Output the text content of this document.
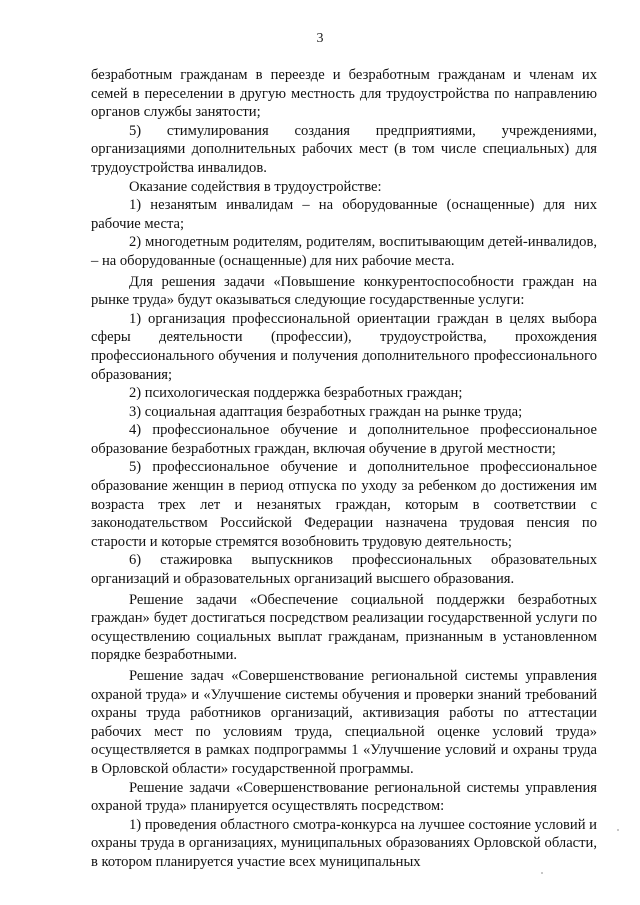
3

безработным гражданам в переезде и безработным гражданам и членам их семей в переселении в другую местность для трудоустройства по направлению органов службы занятости;

5) стимулирования создания предприятиями, учреждениями, организациями дополнительных рабочих мест (в том числе специальных) для трудоустройства инвалидов.

Оказание содействия в трудоустройстве:

1) незанятым инвалидам – на оборудованные (оснащенные) для них рабочие места;

2) многодетным родителям, родителям, воспитывающим детей-инвалидов, – на оборудованные (оснащенные) для них рабочие места.

Для решения задачи «Повышение конкурентоспособности граждан на рынке труда» будут оказываться следующие государственные услуги:

1) организация профессиональной ориентации граждан в целях выбора сферы деятельности (профессии), трудоустройства, прохождения профессионального обучения и получения дополнительного профессионального образования;

2) психологическая поддержка безработных граждан;

3) социальная адаптация безработных граждан на рынке труда;

4) профессиональное обучение и дополнительное профессиональное образование безработных граждан, включая обучение в другой местности;

5) профессиональное обучение и дополнительное профессиональное образование женщин в период отпуска по уходу за ребенком до достижения им возраста трех лет и незанятых граждан, которым в соответствии с законодательством Российской Федерации назначена трудовая пенсия по старости и которые стремятся возобновить трудовую деятельность;

6) стажировка выпускников профессиональных образовательных организаций и образовательных организаций высшего образования.

Решение задачи «Обеспечение социальной поддержки безработных граждан» будет достигаться посредством реализации государственной услуги по осуществлению социальных выплат гражданам, признанным в установленном порядке безработными.

Решение задач «Совершенствование региональной системы управления охраной труда» и «Улучшение системы обучения и проверки знаний требований охраны труда работников организаций, активизация работы по аттестации рабочих мест по условиям труда, специальной оценке условий труда» осуществляется в рамках подпрограммы 1 «Улучшение условий и охраны труда в Орловской области» государственной программы.

Решение задачи «Совершенствование региональной системы управления охраной труда» планируется осуществлять посредством:

1) проведения областного смотра-конкурса на лучшее состояние условий и охраны труда в организациях, муниципальных образованиях Орловской области, в котором планируется участие всех муниципальных
